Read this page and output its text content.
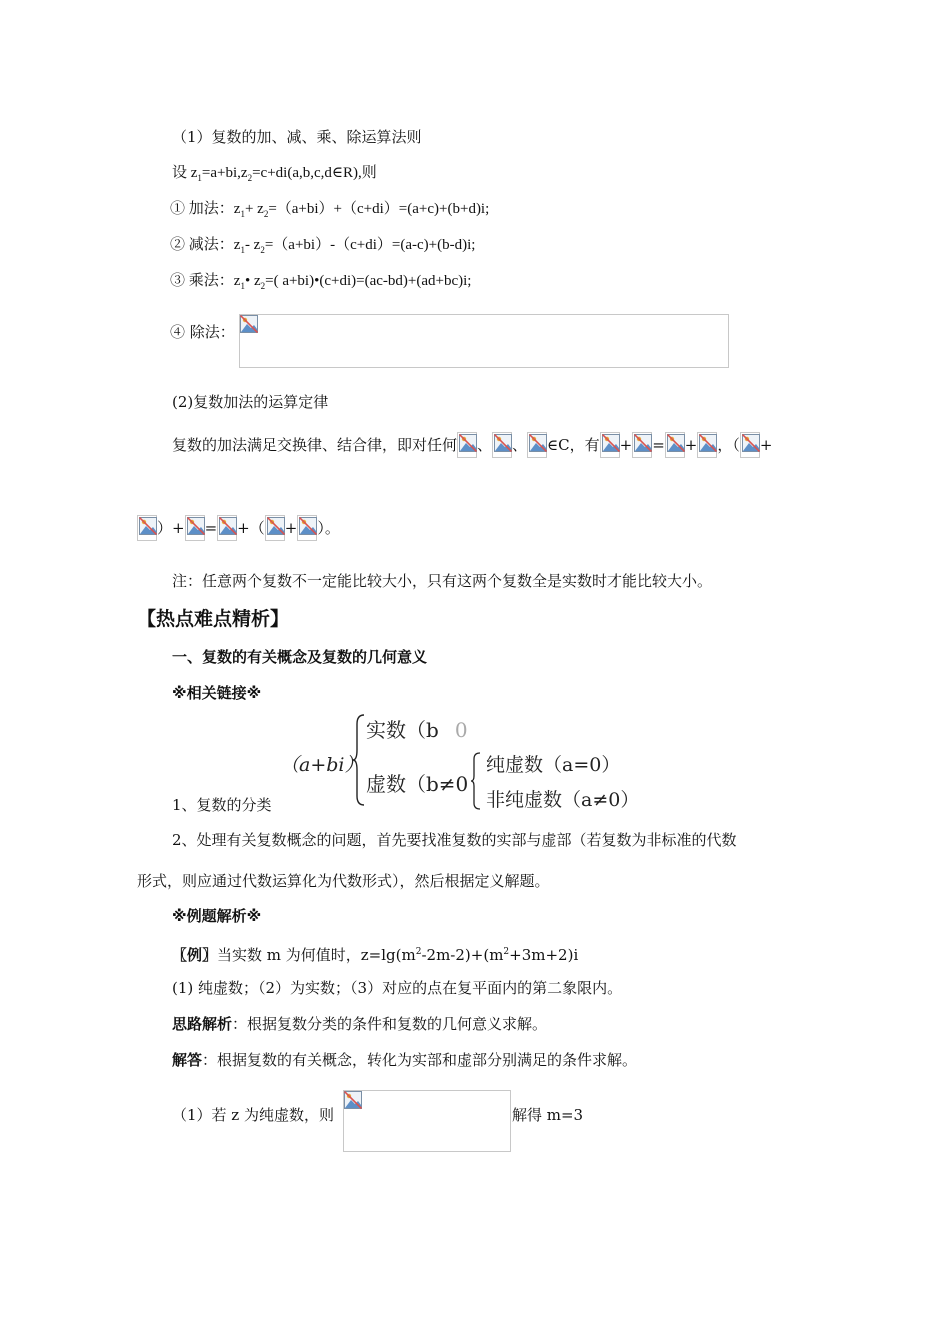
（1）复数的加、减、乘、除运算法则
设 $z_1=a+bi,z_2=c+di(a,b,c,d\in R)$,则
① 加法：$z_1+ z_2=(a+bi)+(c+di)=(a+c)+(b+d)i$;
② 减法：$z_1-$ $z_2=(a+bi)-(c+di)=(a-c)+(b-d)i$;
③ 乘法：$z_1•$ $z_2=$( a+bi)•(c+di)=(ac-bd)+(ad+bc)i;
④ 除法：
(2)复数加法的运算定律
复数的加法满足交换律、结合律，即对任何 、 、 ∈C，有 + = + ，（ +
）+ = +（ + ）。
注：任意两个复数不一定能比较大小，只有这两个复数全是实数时才能比较大小。
【热点难点精析】
一、复数的有关概念及复数的几何意义
※相关链接※
（a+bi）
实数（b 0
虚数（b≠0
纯虚数（a=0）
非纯虚数（a≠0）
1、复数的分类
2、处理有关复数概念的问题，首先要找准复数的实部与虚部（若复数为非标准的代数
形式，则应通过代数运算化为代数形式），然后根据定义解题。
※例题解析※
〖例〗当实数 m 为何值时，$z=\lg(m^2-2m-2)+(m^2+3m+2)i$
(1) 纯虚数；（2）为实数；（3）对应的点在复平面内的第二象限内。
思路解析：根据复数分类的条件和复数的几何意义求解。
解答：根据复数的有关概念，转化为实部和虚部分别满足的条件求解。
（1）若 z 为纯虚数，则	解得 m=3
